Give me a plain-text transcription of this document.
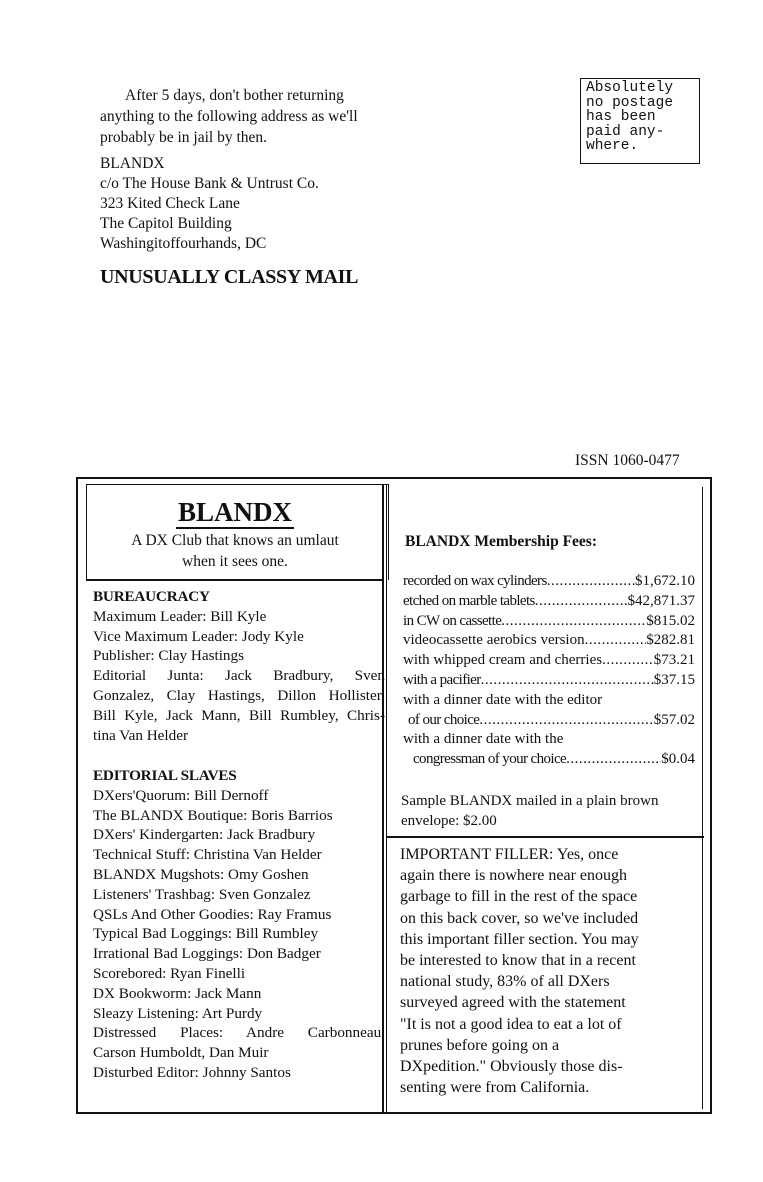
After 5 days, don't bother returning
anything to the following address as we'll
probably be in jail by then.
BLANDX
c/o The House Bank & Untrust Co.
323 Kited Check Lane
The Capitol Building
Washingitoffourhands, DC
UNUSUALLY CLASSY MAIL
Absolutely
no postage
has been
paid any-
where.
ISSN 1060-0477
BLANDX
A DX Club that knows an umlaut
when it sees one.
BUREAUCRACY
Maximum Leader: Bill Kyle
Vice Maximum Leader: Jody Kyle
Publisher: Clay Hastings
Editorial Junta: Jack Bradbury, Sven
Gonzalez, Clay Hastings, Dillon Hollister,
Bill Kyle, Jack Mann, Bill Rumbley, Chris-
tina Van Helder
EDITORIAL SLAVES
DXers'Quorum: Bill Dernoff
The BLANDX Boutique: Boris Barrios
DXers' Kindergarten: Jack Bradbury
Technical Stuff: Christina Van Helder
BLANDX Mugshots: Omy Goshen
Listeners' Trashbag: Sven Gonzalez
QSLs And Other Goodies: Ray Framus
Typical Bad Loggings: Bill Rumbley
Irrational Bad Loggings: Don Badger
Scorebored: Ryan Finelli
DX Bookworm: Jack Mann
Sleazy Listening: Art Purdy
Distressed Places: Andre Carbonneau,
Carson Humboldt, Dan Muir
Disturbed Editor: Johnny Santos
BLANDX Membership Fees:
recorded on wax cylinders .....	$1,672.10
etched on marble tablets .....	$42,871.37
in CW on cassette .....	$815.02
videocassette aerobics version .....	$282.81
with whipped cream and cherries .....	$73.21
with a pacifier .....	$37.15
with a dinner date with the editor
of our choice .....	$57.02
with a dinner date with the
congressman of your choice .....	$0.04
Sample BLANDX mailed in a plain brown
envelope: $2.00
IMPORTANT FILLER: Yes, once
again there is nowhere near enough
garbage to fill in the rest of the space
on this back cover, so we've included
this important filler section. You may
be interested to know that in a recent
national study, 83% of all DXers
surveyed agreed with the statement
"It is not a good idea to eat a lot of
prunes before going on a
DXpedition." Obviously those dis-
senting were from California.
